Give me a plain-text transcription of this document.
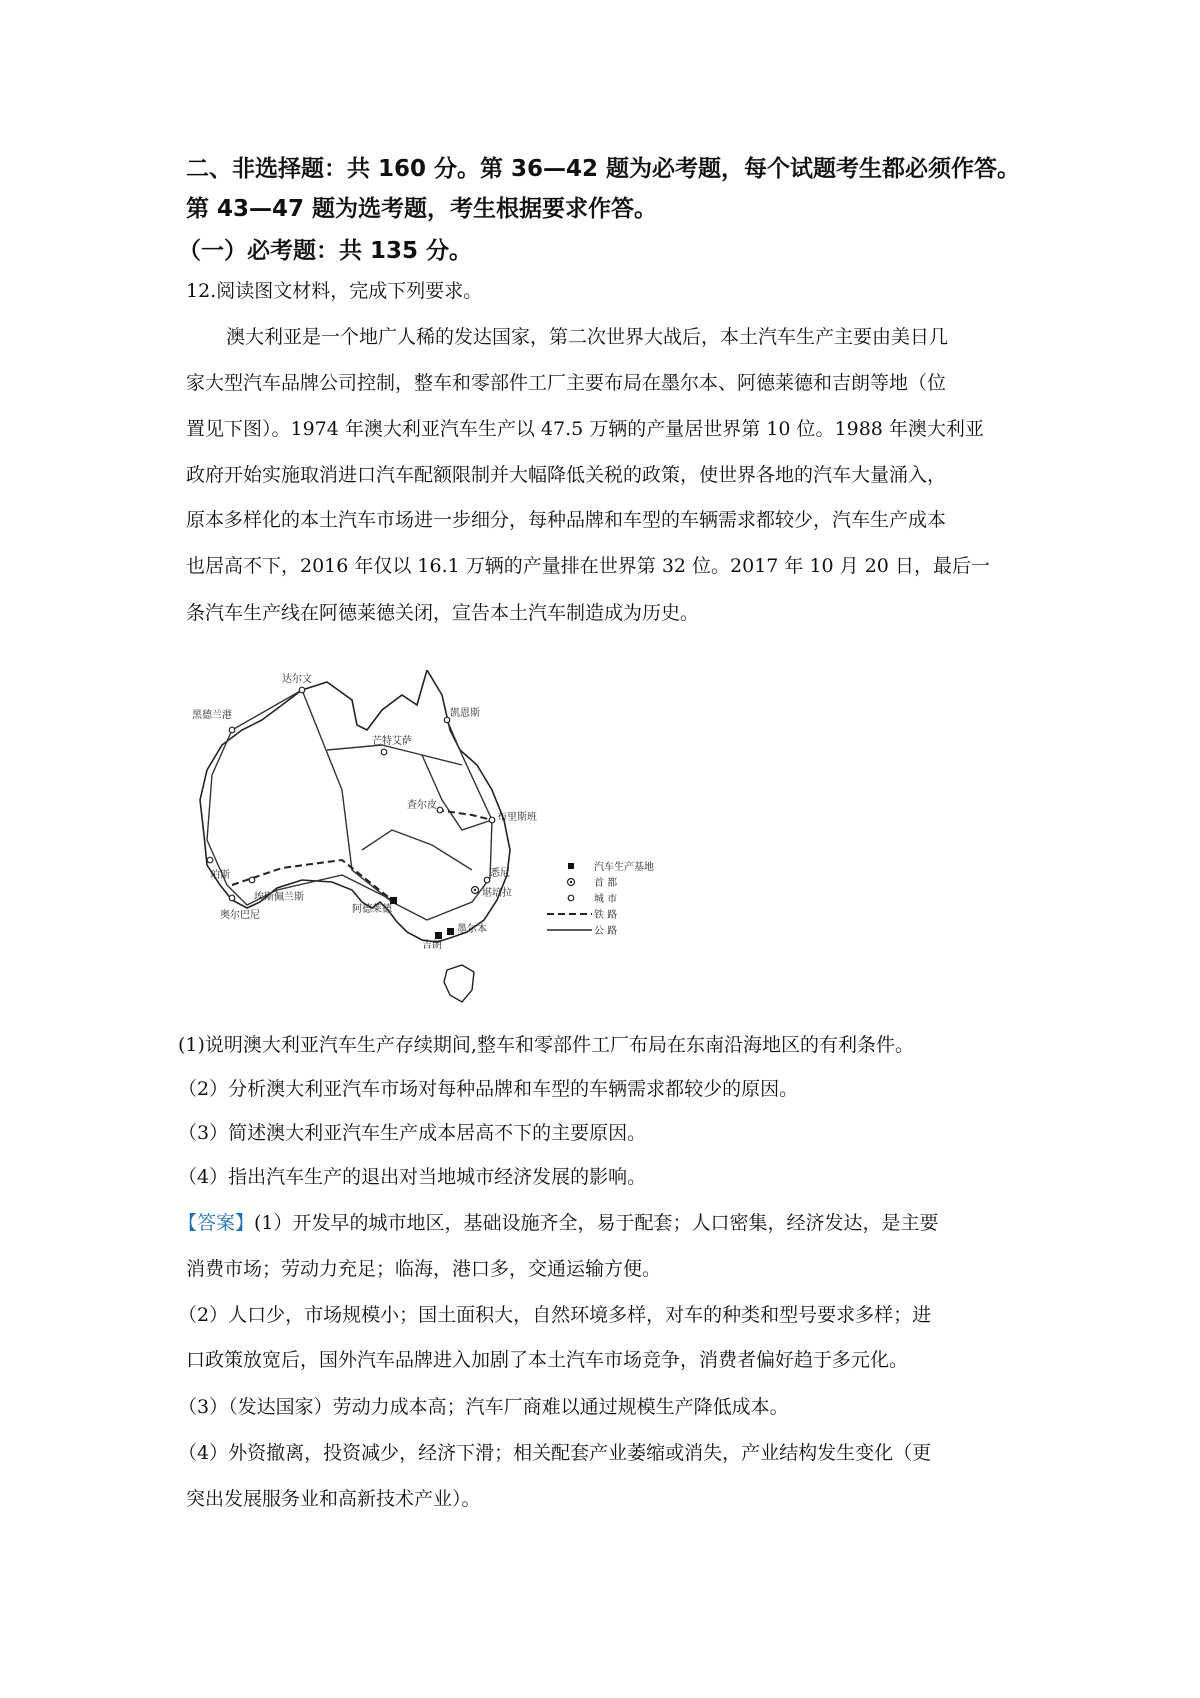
二、非选择题：共 160 分。第 36—42 题为必考题，每个试题考生都必须作答。
第 43—47 题为选考题，考生根据要求作答。
（一）必考题：共 135 分。
12.阅读图文材料，完成下列要求。
澳大利亚是一个地广人稀的发达国家，第二次世界大战后，本土汽车生产主要由美日几
家大型汽车品牌公司控制，整车和零部件工厂主要布局在墨尔本、阿德莱德和吉朗等地（位
置见下图）。1974 年澳大利亚汽车生产以 47.5 万辆的产量居世界第 10 位。1988 年澳大利亚
政府开始实施取消进口汽车配额限制并大幅降低关税的政策，使世界各地的汽车大量涌入，
原本多样化的本土汽车市场进一步细分，每种品牌和车型的车辆需求都较少，汽车生产成本
也居高不下，2016 年仅以 16.1 万辆的产量排在世界第 32 位。2017 年 10 月 20 日，最后一
条汽车生产线在阿德莱德关闭，宣告本土汽车制造成为历史。
达尔文
凯恩斯
芒特艾萨
黑德兰港
查尔皮
布里斯班
珀斯
埃斯佩兰斯
奥尔巴尼
阿德莱德
悉尼
堪培拉
墨尔本
吉朗
汽车生产基地
首 都
城 市
铁 路
公 路
(1)说明澳大利亚汽车生产存续期间,整车和零部件工厂布局在东南沿海地区的有利条件。
（2）分析澳大利亚汽车市场对每种品牌和车型的车辆需求都较少的原因。
（3）简述澳大利亚汽车生产成本居高不下的主要原因。
（4）指出汽车生产的退出对当地城市经济发展的影响。
【答案】(1）开发早的城市地区，基础设施齐全，易于配套；人口密集，经济发达，是主要
消费市场；劳动力充足；临海，港口多，交通运输方便。
（2）人口少，市场规模小；国土面积大，自然环境多样，对车的种类和型号要求多样；进
口政策放宽后，国外汽车品牌进入加剧了本土汽车市场竞争，消费者偏好趋于多元化。
（3）（发达国家）劳动力成本高；汽车厂商难以通过规模生产降低成本。
（4）外资撤离，投资减少，经济下滑；相关配套产业萎缩或消失，产业结构发生变化（更
突出发展服务业和高新技术产业）。
